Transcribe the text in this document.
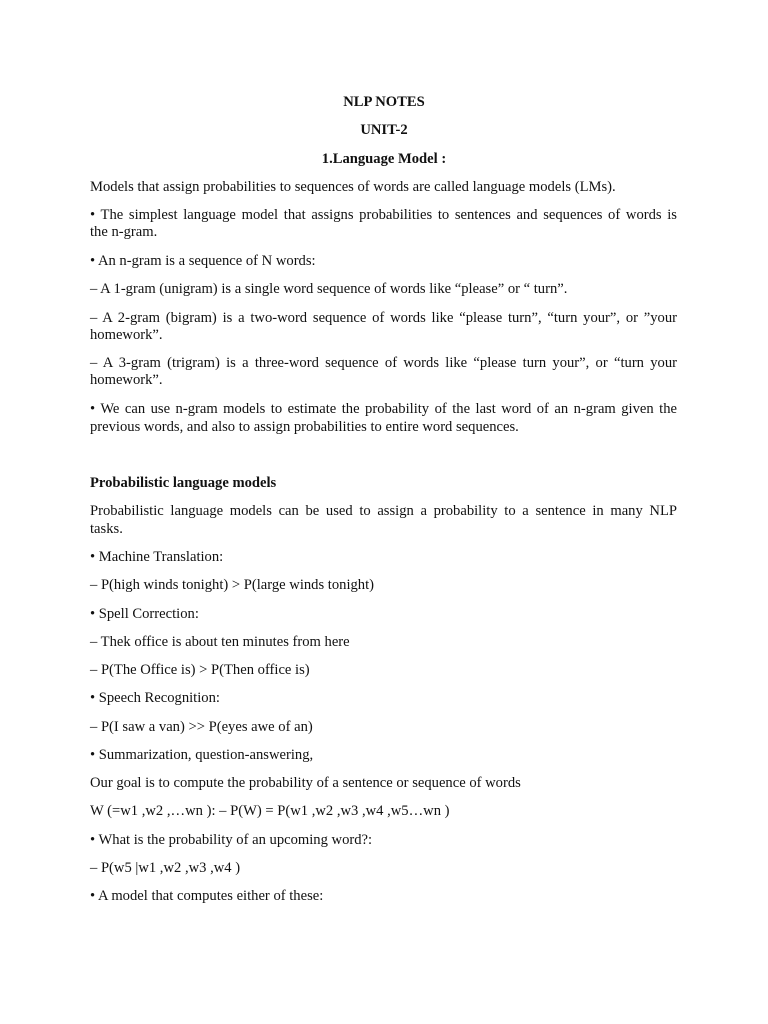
NLP NOTES
UNIT-2
1.Language Model :
Models that assign probabilities to sequences of words are called language models (LMs).
• The simplest language model that assigns probabilities to sentences and sequences of words is
the n-gram.
• An n-gram is a sequence of N words:
– A 1-gram (unigram) is a single word sequence of words like “please” or “ turn”.
– A 2-gram (bigram) is a two-word sequence of words like “please turn”, “turn your”, or ”your
homework”.
– A 3-gram (trigram) is a three-word sequence of words like “please turn your”, or “turn your
homework”.
• We can use n-gram models to estimate the probability of the last word of an n-gram given the
previous words, and also to assign probabilities to entire word sequences.
Probabilistic language models
Probabilistic language models can be used to assign a probability to a sentence in many NLP
tasks.
• Machine Translation:
– P(high winds tonight) > P(large winds tonight)
• Spell Correction:
– Thek office is about ten minutes from here
– P(The Office is) > P(Then office is)
• Speech Recognition:
– P(I saw a van) >> P(eyes awe of an)
• Summarization, question-answering,
Our goal is to compute the probability of a sentence or sequence of words
W (=w1 ,w2 ,…wn ): – P(W) = P(w1 ,w2 ,w3 ,w4 ,w5…wn )
• What is the probability of an upcoming word?:
– P(w5 |w1 ,w2 ,w3 ,w4 )
• A model that computes either of these:
